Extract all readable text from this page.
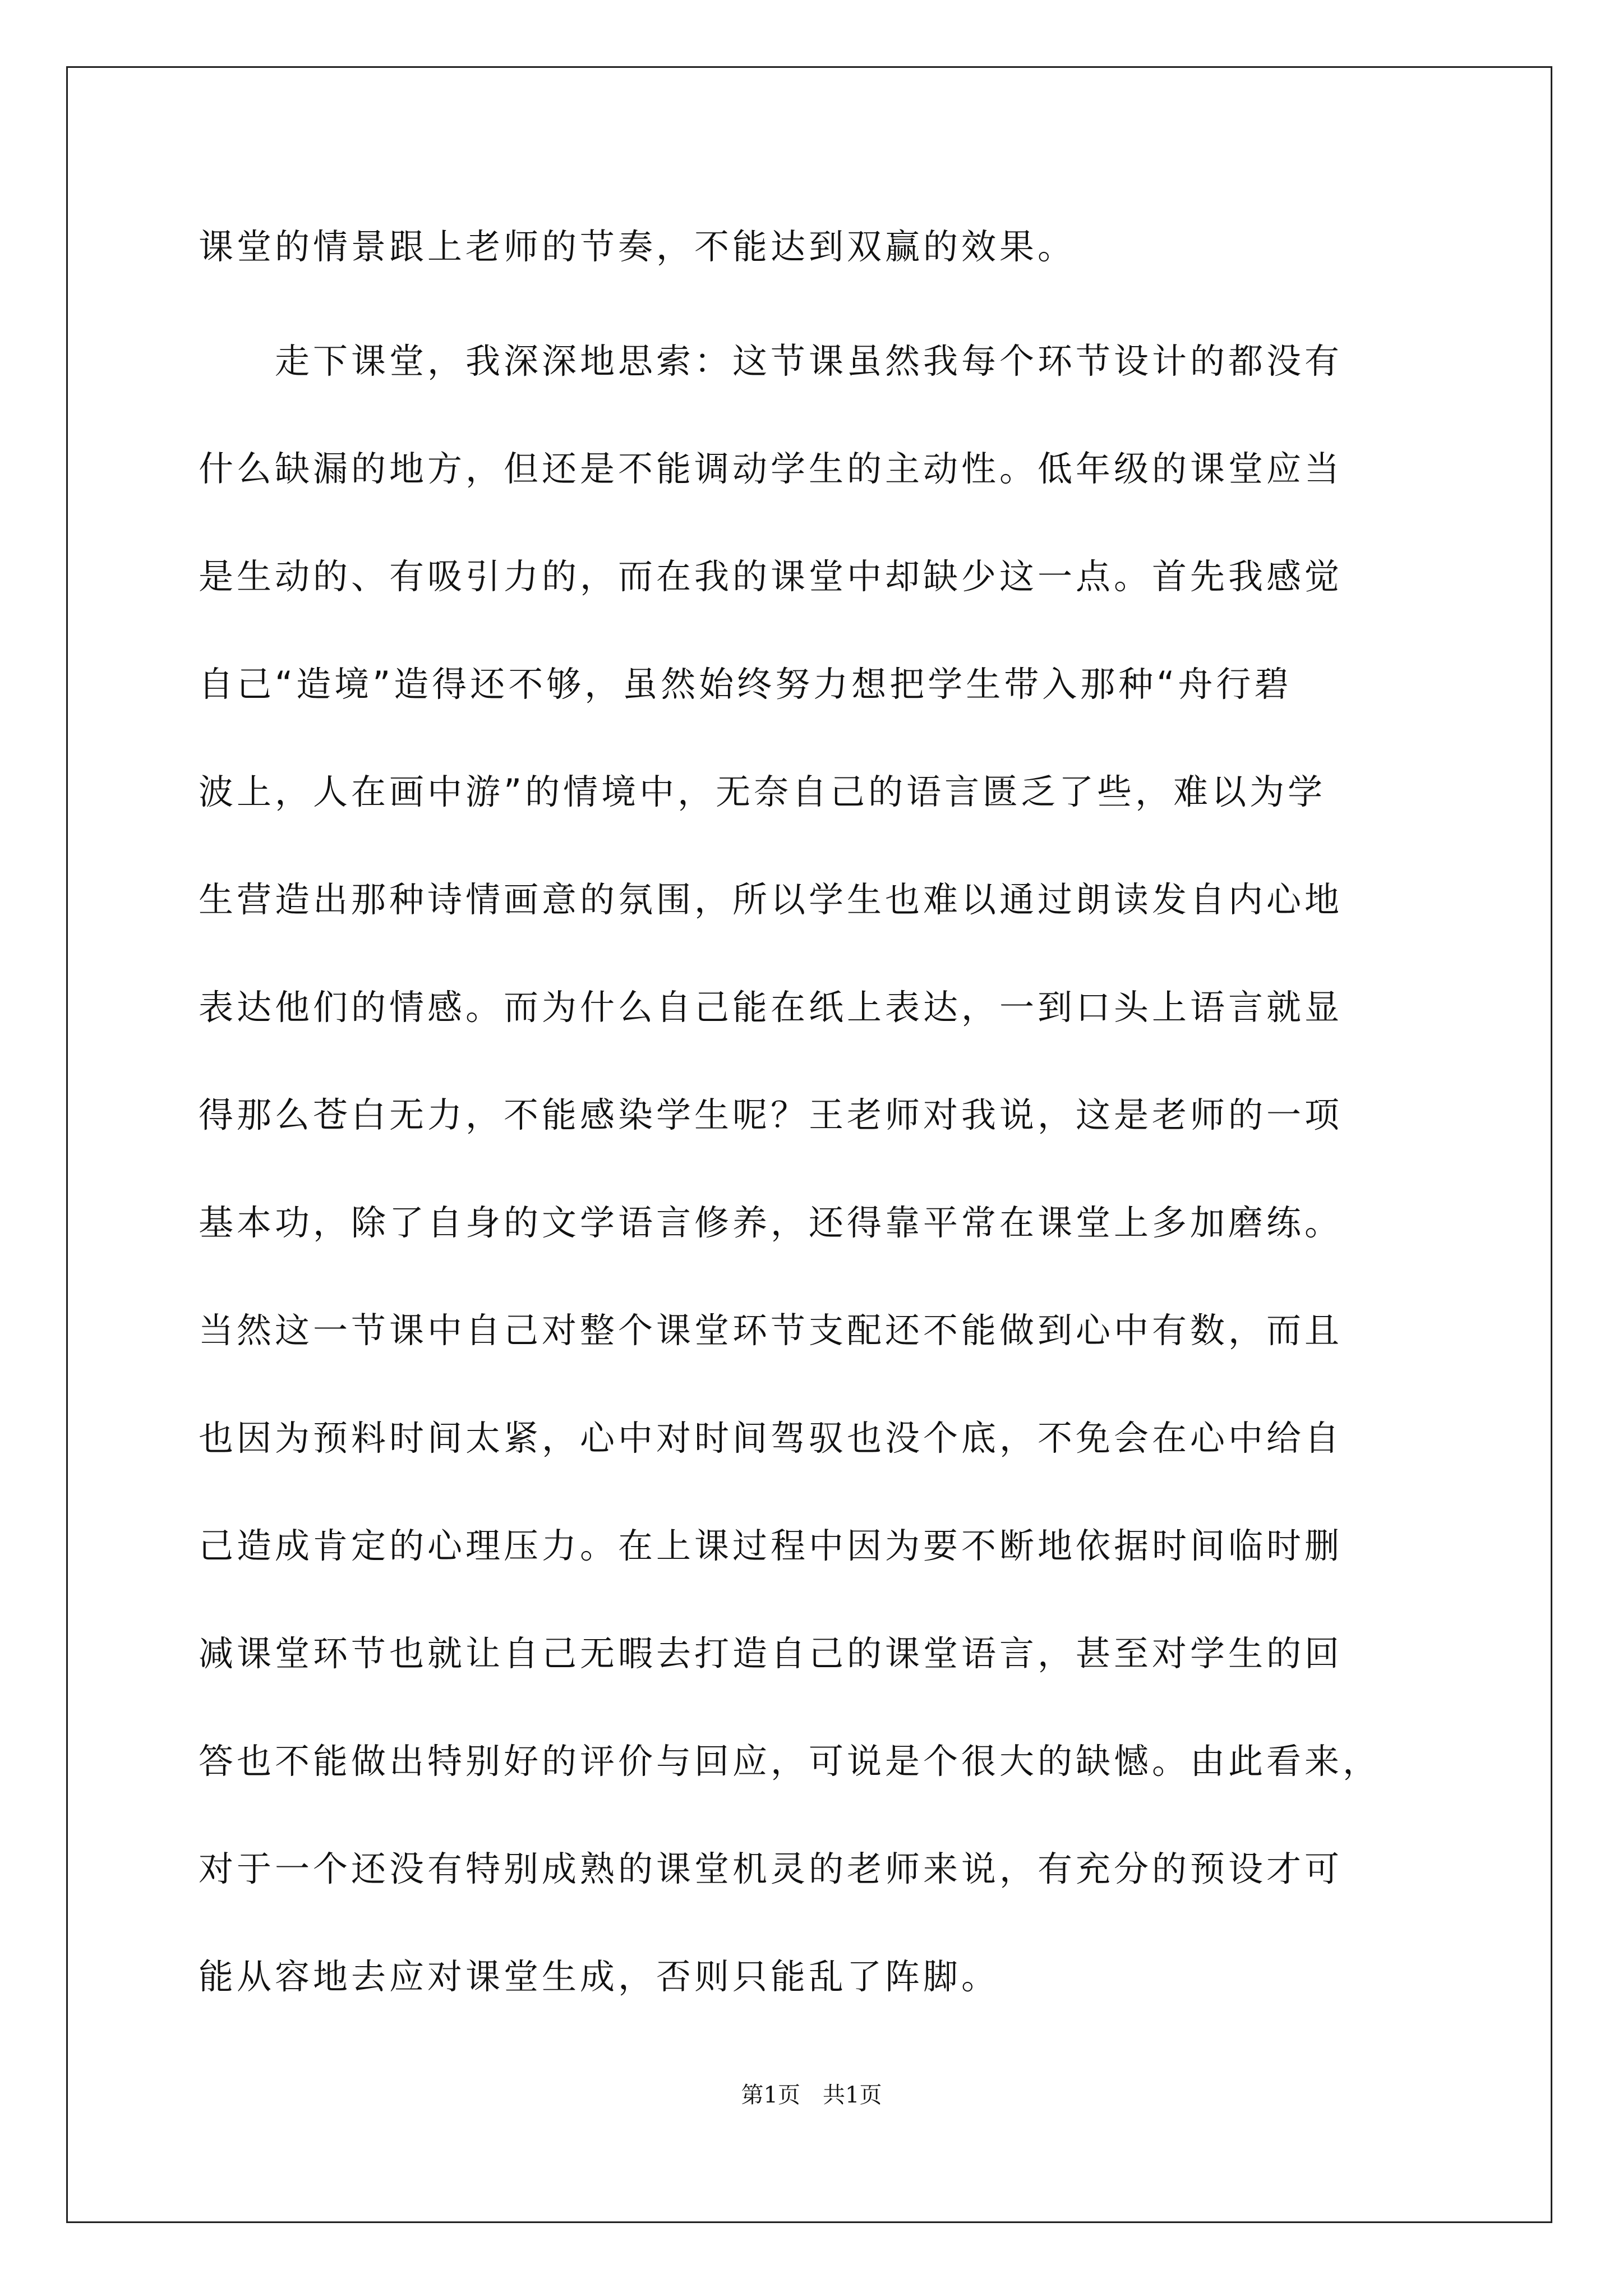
课堂的情景跟上老师的节奏，不能达到双赢的效果。
　　走下课堂，我深深地思索：这节课虽然我每个环节设计的都没有
什么缺漏的地方，但还是不能调动学生的主动性。低年级的课堂应当
是生动的、有吸引力的，而在我的课堂中却缺少这一点。首先我感觉
自己“造境”造得还不够，虽然始终努力想把学生带入那种“舟行碧
波上，人在画中游”的情境中，无奈自己的语言匮乏了些，难以为学
生营造出那种诗情画意的氛围，所以学生也难以通过朗读发自内心地
表达他们的情感。而为什么自己能在纸上表达，一到口头上语言就显
得那么苍白无力，不能感染学生呢？王老师对我说，这是老师的一项
基本功，除了自身的文学语言修养，还得靠平常在课堂上多加磨练。
当然这一节课中自己对整个课堂环节支配还不能做到心中有数，而且
也因为预料时间太紧，心中对时间驾驭也没个底，不免会在心中给自
己造成肯定的心理压力。在上课过程中因为要不断地依据时间临时删
减课堂环节也就让自己无暇去打造自己的课堂语言，甚至对学生的回
答也不能做出特别好的评价与回应，可说是个很大的缺憾。由此看来，
对于一个还没有特别成熟的课堂机灵的老师来说，有充分的预设才可
能从容地去应对课堂生成，否则只能乱了阵脚。
第1页 共1页
